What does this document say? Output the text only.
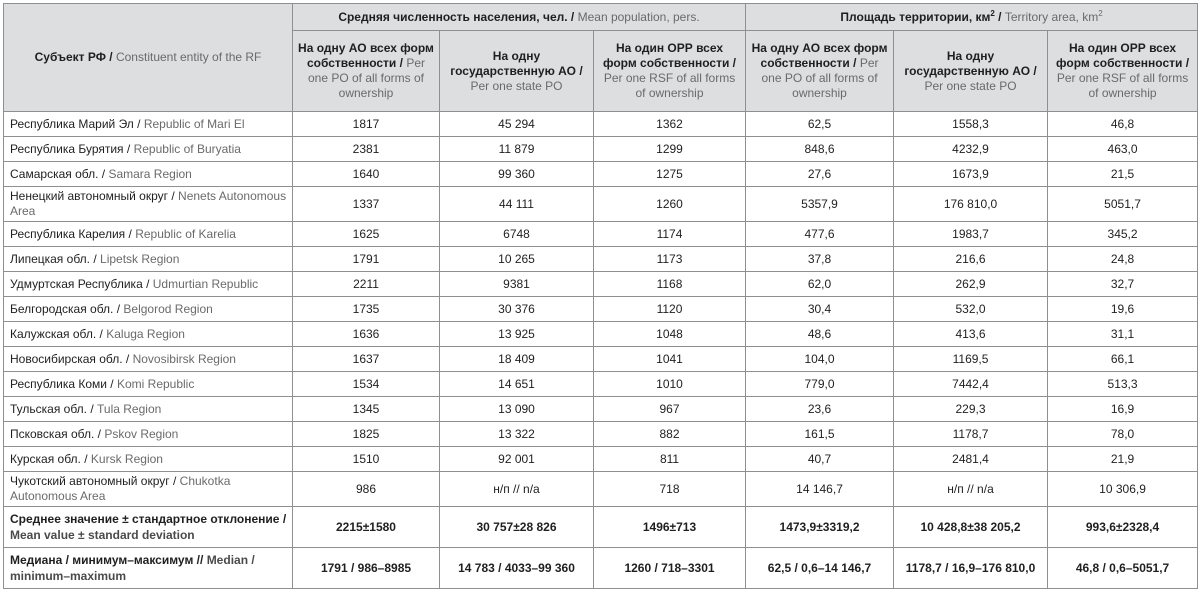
Субъект РФ / Constituent entity of the RF	Средняя численность населения, чел. / Mean population, pers.			Площадь территории, $км^2$ / Territory area, $km^2$
	На одну АО всех форм собственности / Per one PO of all forms of ownership	На одну государственную АО / Per one state PO	На один ОРР всех форм собственности / Per one RSF of all forms of ownership	На одну АО всех форм собственности / Per one PO of all forms of ownership	На одну государственную АО / Per one state PO	На один ОРР всех форм собственности / Per one RSF of all forms of ownership
Республика Марий Эл / Republic of Mari El	1817	45 294	1362	62,5	1558,3	46,8
Республика Бурятия / Republic of Buryatia	2381	11 879	1299	848,6	4232,9	463,0
Самарская обл. / Samara Region	1640	99 360	1275	27,6	1673,9	21,5
Ненецкий автономный округ / Nenets Autonomous Area	1337	44 111	1260	5357,9	176 810,0	5051,7
Республика Карелия / Republic of Karelia	1625	6748	1174	477,6	1983,7	345,2
Липецкая обл. / Lipetsk Region	1791	10 265	1173	37,8	216,6	24,8
Удмуртская Республика / Udmurtian Republic	2211	9381	1168	62,0	262,9	32,7
Белгородская обл. / Belgorod Region	1735	30 376	1120	30,4	532,0	19,6
Калужская обл. / Kaluga Region	1636	13 925	1048	48,6	413,6	31,1
Новосибирская обл. / Novosibirsk Region	1637	18 409	1041	104,0	1169,5	66,1
Республика Коми / Komi Republic	1534	14 651	1010	779,0	7442,4	513,3
Тульская обл. / Tula Region	1345	13 090	967	23,6	229,3	16,9
Псковская обл. / Pskov Region	1825	13 322	882	161,5	1178,7	78,0
Курская обл. / Kursk Region	1510	92 001	811	40,7	2481,4	21,9
Чукотский автономный округ / Chukotka Autonomous Area	986	н/п // n/a	718	14 146,7	н/п // n/a	10 306,9
Среднее значение ± стандартное отклонение / Mean value ± standard deviation	2215±1580	30 757±28 826	1496±713	1473,9±3319,2	10 428,8±38 205,2	993,6±2328,4
Медиана / минимум–максимум // Median / minimum–maximum	1791 / 986–8985	14 783 / 4033–99 360	1260 / 718–3301	62,5 / 0,6–14 146,7	1178,7 / 16,9–176 810,0	46,8 / 0,6–5051,7
